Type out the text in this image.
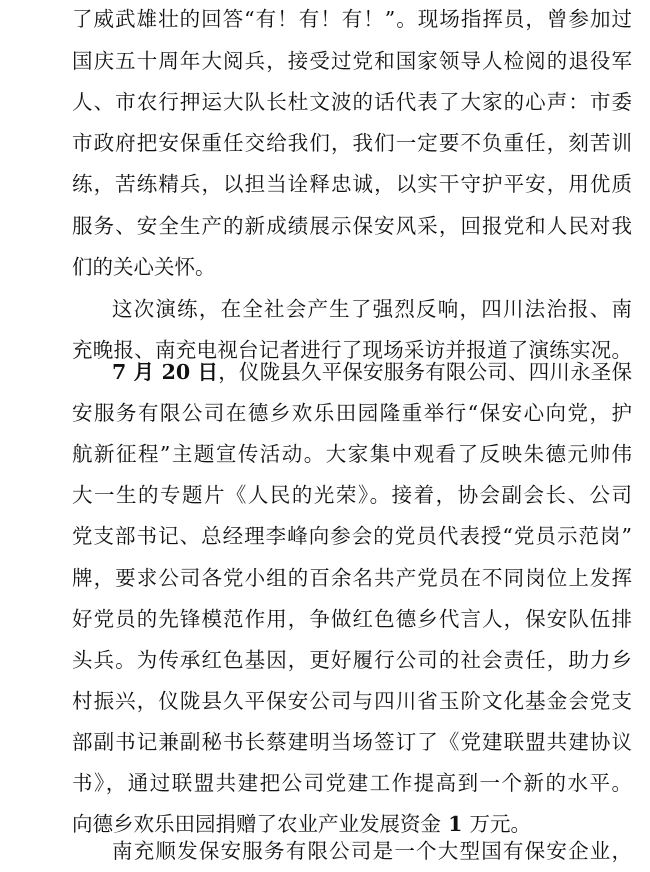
了威武雄壮的回答“有！有！有！”。现场指挥员，曾参加过
国庆五十周年大阅兵，接受过党和国家领导人检阅的退役军
人、市农行押运大队长杜文波的话代表了大家的心声：市委
市政府把安保重任交给我们，我们一定要不负重任，刻苦训
练，苦练精兵，以担当诠释忠诚，以实干守护平安，用优质
服务、安全生产的新成绩展示保安风采，回报党和人民对我
们的关心关怀。
这次演练，在全社会产生了强烈反响，四川法治报、南
充晚报、南充电视台记者进行了现场采访并报道了演练实况。
7 月 20 日，仪陇县久平保安服务有限公司、四川永圣保
安服务有限公司在德乡欢乐田园隆重举行“保安心向党，护
航新征程”主题宣传活动。大家集中观看了反映朱德元帅伟
大一生的专题片《人民的光荣》。接着，协会副会长、公司
党支部书记、总经理李峰向参会的党员代表授“党员示范岗”
牌，要求公司各党小组的百余名共产党员在不同岗位上发挥
好党员的先锋模范作用，争做红色德乡代言人，保安队伍排
头兵。为传承红色基因，更好履行公司的社会责任，助力乡
村振兴，仪陇县久平保安公司与四川省玉阶文化基金会党支
部副书记兼副秘书长蔡建明当场签订了《党建联盟共建协议
书》，通过联盟共建把公司党建工作提高到一个新的水平。
向德乡欢乐田园捐赠了农业产业发展资金 1 万元。
南充顺发保安服务有限公司是一个大型国有保安企业，
